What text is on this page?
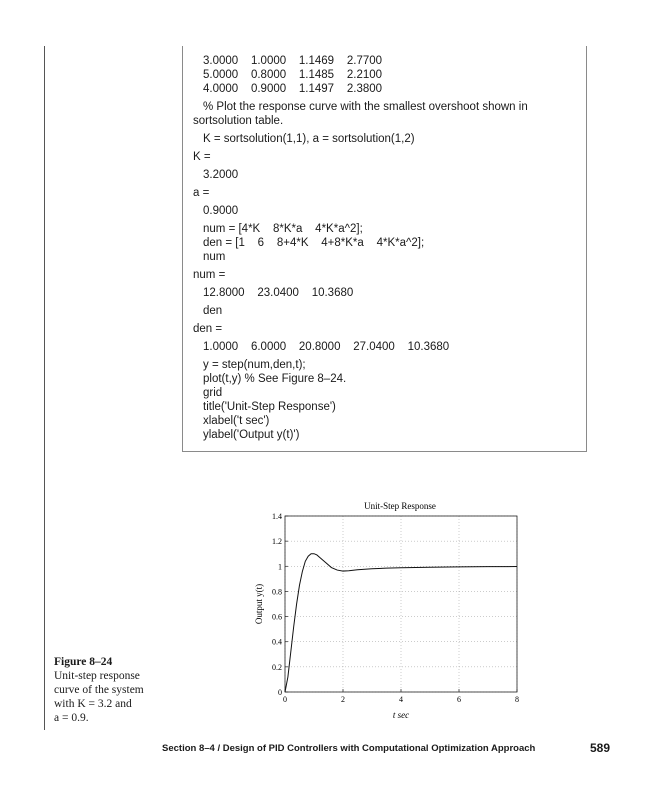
3.0000    1.0000    1.1469    2.7700
5.0000    0.8000    1.1485    2.2100
4.0000    0.9000    1.1497    2.3800
% Plot the response curve with the smallest overshoot shown in
sortsolution table.
K = sortsolution(1,1), a = sortsolution(1,2)
K =
3.2000
a =
0.9000
num = [4*K    8*K*a    4*K*a^2];
den = [1    6    8+4*K    4+8*K*a    4*K*a^2];
num
num =
12.8000    23.0400    10.3680
den
den =
1.0000    6.0000    20.8000    27.0400    10.3680
y = step(num,den,t);
plot(t,y) % See Figure 8–24.
grid
title('Unit-Step Response')
xlabel('t sec')
ylabel('Output y(t)')
Figure 8–24
Unit-step response
curve of the system
with K = 3.2 and
a = 0.9.
Unit-Step Response
0	2	4	6	8
0
0.2
0.4
0.6
0.8
1
1.2
1.4
t sec
Output y(t)
Section 8–4 / Design of PID Controllers with Computational Optimization Approach	589
